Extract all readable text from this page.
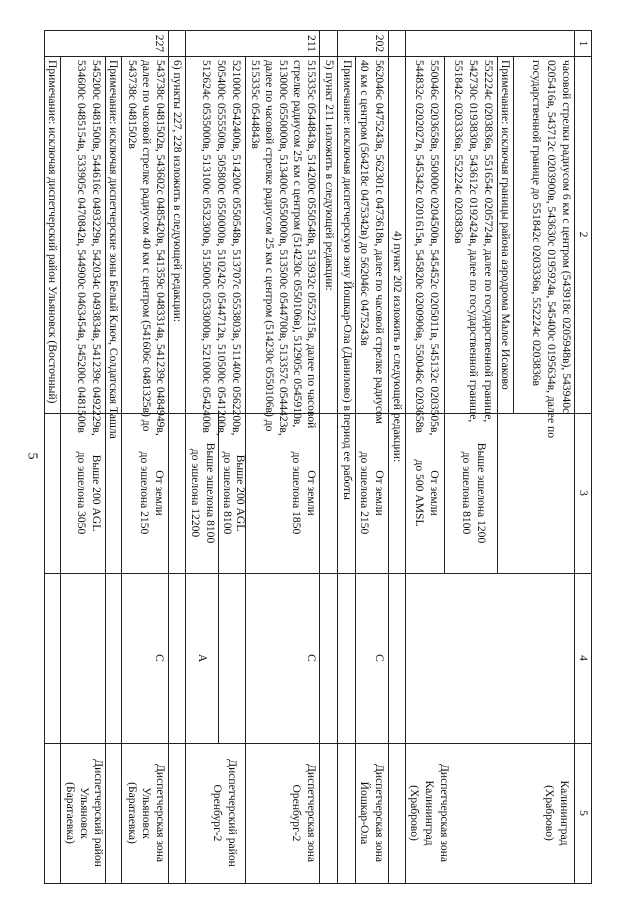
5
1
2
3
4
5
часовой стрелки радиусом 6 км с центром (543918с 0205948в), 543940с
0205416в, 543712с 0203900в, 543630с 0195924в, 545400с 0195634в, далее по
государственной границе до 551842с 0203336в, 552224с 0203836в
Калининград
(Храброво)
Примечание: исключая границы района аэродрома Малое Исаково
552224с 0203836в, 551654с 0205724в, далее по государственной границе,
542730с 0193830в, 543612с 0192424в, далее по государственной границе,
551842с 0203336в, 552224с 0203836в
Выше эшелона 1200
до эшелона 8100
550046с 0203658в, 550000с 0204500в, 545452с 0205011в, 545132с 0203505в,
544832с 0202027в, 545342с 0201615в, 545820с 0200906в, 550046с 0203658в
От земли
до 500 AMSL
Диспетчерская зона
Калининград
(Храброво)
4) пункт 202 изложить в следующей редакции:
202
562046с 0475243в, 562301с 0473618в, далее по часовой стрелке радиусом
40 км с центром (564218с 0475342в) до 562046с 0475243в
От земли
до эшелона 2150
С
Диспетчерская зона
Йошкар-Ола
Примечание: исключая диспетчерскую зону Йошкар-Ола (Данилово) в период ее работы
5) пункт 211 изложить в следующей редакции:
211
515335с 0544843в, 514200с 0550548в, 513932с 0552215в, далее по часовой
стрелке радиусом 25 км с центром (514230с 0550106в), 512905с 0545910в,
513000с 0550000в, 513400с 0550000в, 513500с 0544700в, 513357с 0544423в,
далее по часовой стрелке радиусом 25 км с центром (514230с 0550106в) до
515335с 0544843в
От земли
до эшелона 1850
С
Диспетчерская зона
Оренбург-2
521000с 0542400в, 514200с 0550548в, 513707с 0553803в, 511400с 0562200в,
505400с 0555500в, 505800с 0550000в, 510242с 0544712в, 510500с 0541200в,
512624с 0535000в, 513100с 0532300в, 515000с 0533000в, 521000с 0542400в
Выше 200 AGL
до эшелона 8100
Выше эшелона 8100
до эшелона 12200
А
Диспетчерский район
Оренбург-2
6) пункты 227, 228 изложить в следующей редакции:
227
543738с 0481502в, 543602с 0485420в, 541359с 0483314в, 541239с 0484949в,
далее по часовой стрелке радиусом 40 км с центром (541606с 0481325в) до
543738с 0481502в
От земли
до эшелона 2150
С
Диспетчерская зона
Ульяновск
(Баратаевка)
Примечание: исключая диспетчерские зоны Белый Ключ, Солдатская Ташла
545200с 0481500в, 544616с 0493229в, 542034с 0493834в, 541239с 0492229в,
534600с 0485154в, 533905с 0470842в, 544900с 0463454в, 545200с 0481500в
Выше 200 AGL
до эшелона 3050
Диспетчерский район
Ульяновск
(Баратаевка)
Примечание: исключая диспетчерский район Ульяновск (Восточный)
